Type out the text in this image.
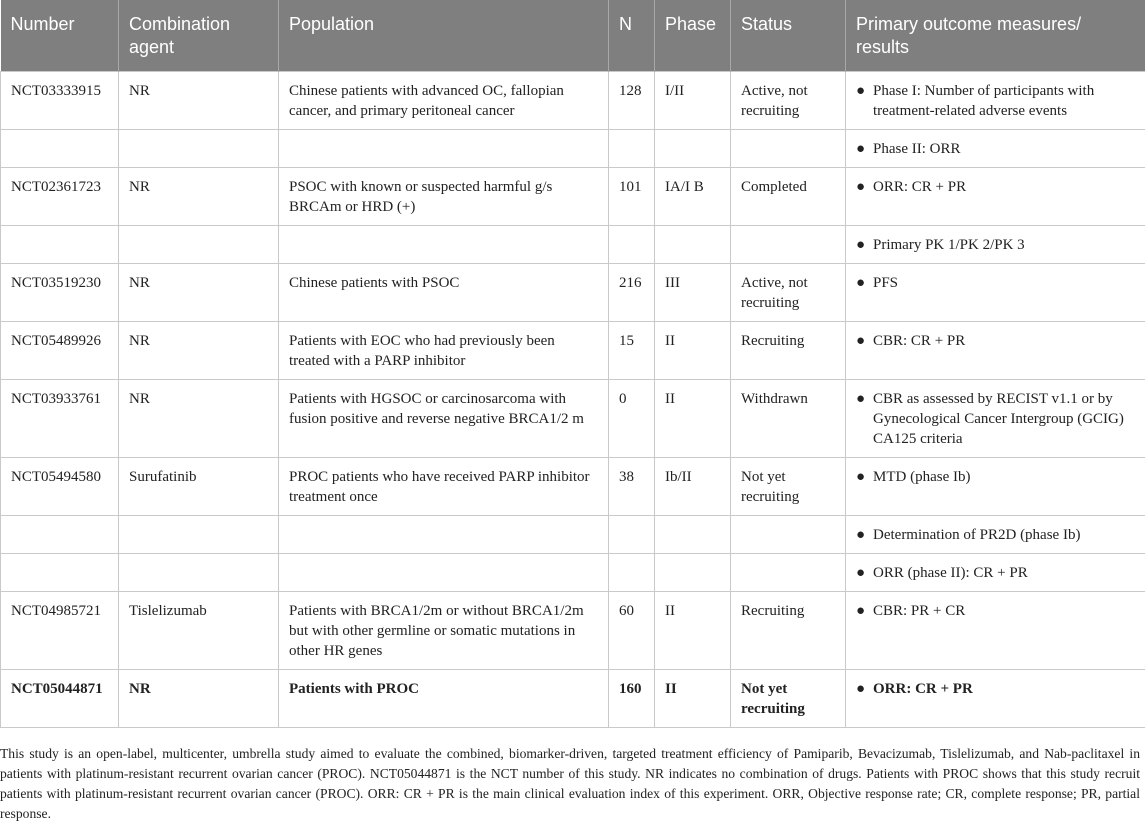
Number	Combination agent	Population	N	Phase	Status	Primary outcome measures/ results
NCT03333915	NR	Chinese patients with advanced OC, fallopian cancer, and primary peritoneal cancer	128	I/II	Active, not recruiting	● Phase I: Number of participants with treatment-related adverse events

						● Phase II: ORR

NCT02361723	NR	PSOC with known or suspected harmful g/s BRCAm or HRD (+)	101	IA/I B	Completed	● ORR: CR + PR

						● Primary PK 1/PK 2/PK 3

NCT03519230	NR	Chinese patients with PSOC	216	III	Active, not recruiting	● PFS

NCT05489926	NR	Patients with EOC who had previously been treated with a PARP inhibitor	15	II	Recruiting	● CBR: CR + PR

NCT03933761	NR	Patients with HGSOC or carcinosarcoma with fusion positive and reverse negative BRCA1/2 m	0	II	Withdrawn	● CBR as assessed by RECIST v1.1 or by Gynecological Cancer Intergroup (GCIG) CA125 criteria

NCT05494580	Surufatinib	PROC patients who have received PARP inhibitor treatment once	38	Ib/II	Not yet recruiting	● MTD (phase Ib)

						● Determination of PR2D (phase Ib)

						● ORR (phase II): CR + PR

NCT04985721	Tislelizumab	Patients with BRCA1/2m or without BRCA1/2m but with other germline or somatic mutations in other HR genes	60	II	Recruiting	● CBR: PR + CR

NCT05044871	NR	Patients with PROC	160	II	Not yet recruiting	● ORR: CR + PR
This study is an open-label, multicenter, umbrella study aimed to evaluate the combined, biomarker-driven, targeted treatment efficiency of Pamiparib, Bevacizumab, Tislelizumab, and Nab-paclitaxel in patients with platinum-resistant recurrent ovarian cancer (PROC). NCT05044871 is the NCT number of this study. NR indicates no combination of drugs. Patients with PROC shows that this study recruit patients with platinum-resistant recurrent ovarian cancer (PROC). ORR: CR + PR is the main clinical evaluation index of this experiment. ORR, Objective response rate; CR, complete response; PR, partial response.
